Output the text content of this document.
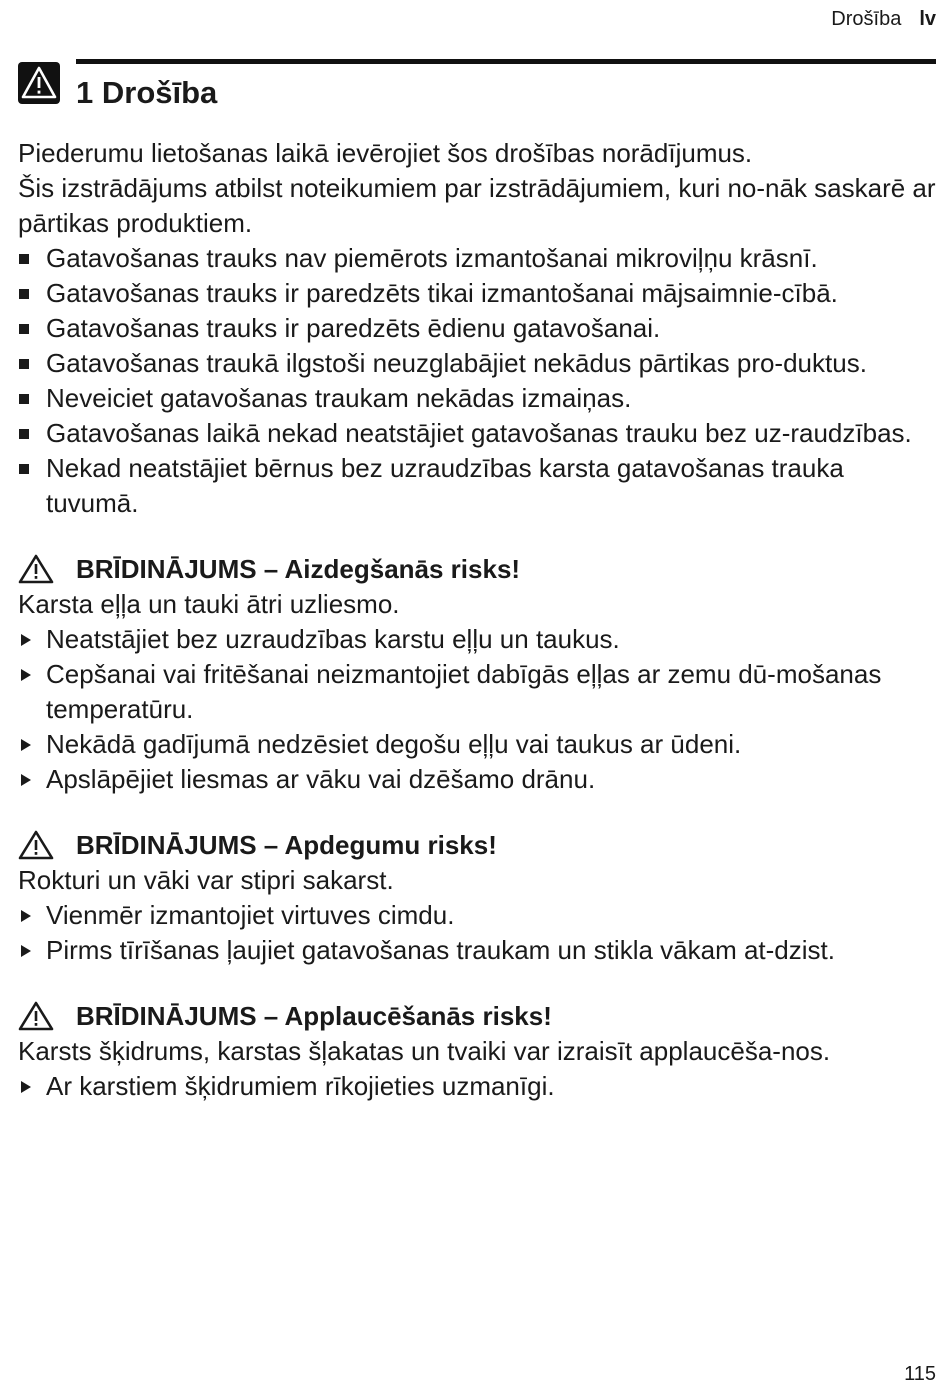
Drošība lv
1 Drošība

Piederumu lietošanas laikā ievērojiet šos drošības norādījumus.

Šis izstrādājums atbilst noteikumiem par izstrādājumiem, kuri no-nāk saskarē ar pārtikas produktiem.

Gatavošanas trauks nav piemērots izmantošanai mikroviļņu krāsnī.
Gatavošanas trauks ir paredzēts tikai izmantošanai mājsaimnie-cībā.
Gatavošanas trauks ir paredzēts ēdienu gatavošanai.
Gatavošanas traukā ilgstoši neuzglabājiet nekādus pārtikas pro-duktus.
Neveiciet gatavošanas traukam nekādas izmaiņas.
Gatavošanas laikā nekad neatstājiet gatavošanas trauku bez uz-raudzības.
Nekad neatstājiet bērnus bez uzraudzības karsta gatavošanas trauka tuvumā.
BRĪDINĀJUMS – Aizdegšanās risks!

Karsta eļļa un tauki ātri uzliesmo.

Neatstājiet bez uzraudzības karstu eļļu un taukus.
Cepšanai vai fritēšanai neizmantojiet dabīgās eļļas ar zemu dū-mošanas temperatūru.
Nekādā gadījumā nedzēsiet degošu eļļu vai taukus ar ūdeni.
Apslāpējiet liesmas ar vāku vai dzēšamo drānu.
BRĪDINĀJUMS – Apdegumu risks!

Rokturi un vāki var stipri sakarst.

Vienmēr izmantojiet virtuves cimdu.
Pirms tīrīšanas ļaujiet gatavošanas traukam un stikla vākam at-dzist.
BRĪDINĀJUMS – Applaucēšanās risks!

Karsts šķidrums, karstas šļakatas un tvaiki var izraisīt applaucēša-nos.

Ar karstiem šķidrumiem rīkojieties uzmanīgi.
115
